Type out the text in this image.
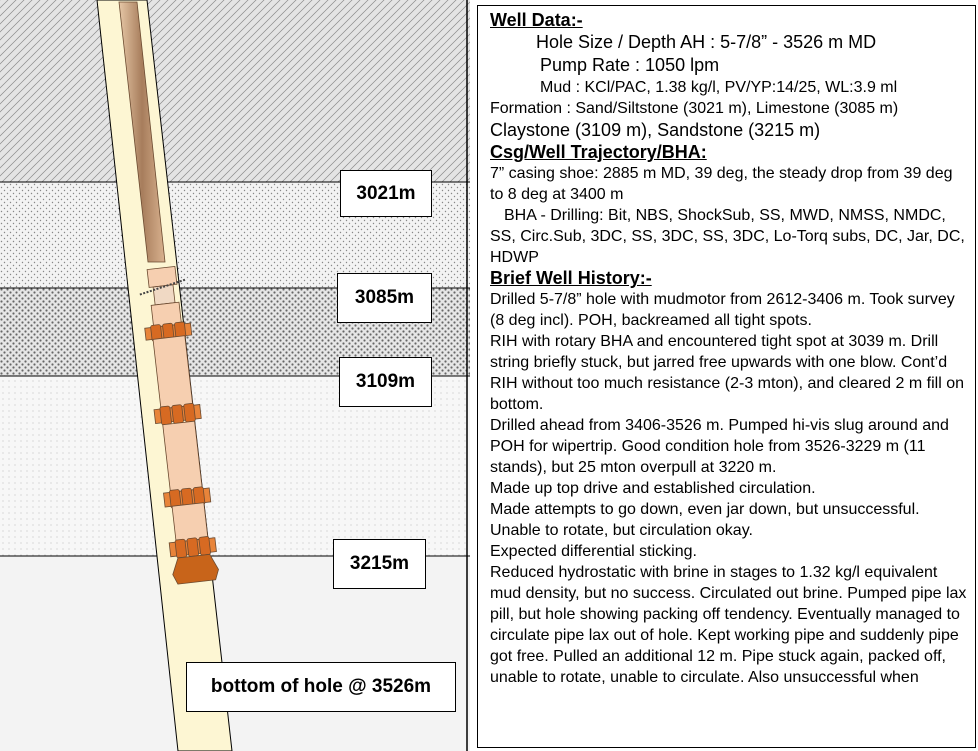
3021m
3085m
3109m
3215m
bottom of hole @ 3526m

Well Data:-

Hole Size / Depth AH : 5-7/8” - 3526 m MD

Pump Rate : 1050 lpm

Mud : KCl/PAC, 1.38 kg/l, PV/YP:14/25, WL:3.9 ml

Formation : Sand/Siltstone (3021 m), Limestone (3085 m)

Claystone (3109 m), Sandstone (3215 m)

Csg/Well Trajectory/BHA:

7” casing shoe: 2885 m MD, 39 deg, the steady drop from 39 deg to 8 deg at 3400 m

BHA - Drilling: Bit, NBS, ShockSub, SS, MWD, NMSS, NMDC, SS, Circ.Sub, 3DC, SS, 3DC, SS, 3DC, Lo-Torq subs, DC, Jar, DC, HDWP

Brief Well History:-

Drilled 5-7/8” hole with mudmotor from 2612-3406 m. Took survey (8 deg incl). POH, backreamed all tight spots.

RIH with rotary BHA and encountered tight spot at 3039 m. Drill string briefly stuck, but jarred free upwards with one blow. Cont’d RIH without too much resistance (2-3 mton), and cleared 2 m fill on bottom.

Drilled ahead from 3406-3526 m. Pumped hi-vis slug around and POH for wipertrip. Good condition hole from 3526-3229 m (11 stands), but 25 mton overpull at 3220 m.

Made up top drive and established circulation.

Made attempts to go down, even jar down, but unsuccessful. Unable to rotate, but circulation okay.

Expected differential sticking.

Reduced hydrostatic with brine in stages to 1.32 kg/l equivalent mud density, but no success. Circulated out brine. Pumped pipe lax pill, but hole showing packing off tendency. Eventually managed to circulate pipe lax out of hole. Kept working pipe and suddenly pipe got free. Pulled an additional 12 m. Pipe stuck again, packed off, unable to rotate, unable to circulate. Also unsuccessful when
